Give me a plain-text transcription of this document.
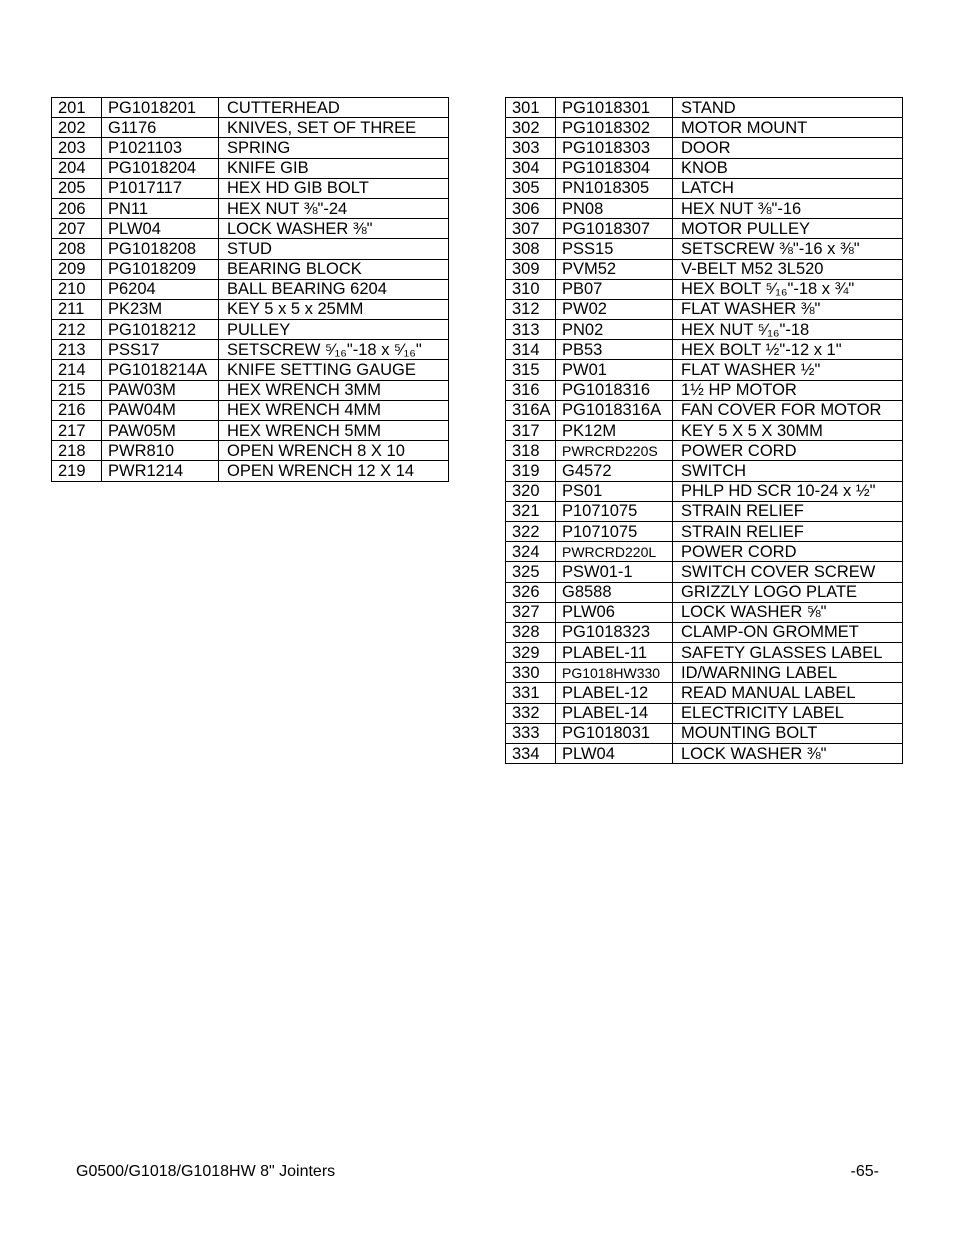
201	PG1018201	CUTTERHEAD
202	G1176	KNIVES, SET OF THREE
203	P1021103	SPRING
204	PG1018204	KNIFE GIB
205	P1017117	HEX HD GIB BOLT
206	PN11	HEX NUT ⅜"-24
207	PLW04	LOCK WASHER ⅜"
208	PG1018208	STUD
209	PG1018209	BEARING BLOCK
210	P6204	BALL BEARING 6204
211	PK23M	KEY 5 x 5 x 25MM
212	PG1018212	PULLEY
213	PSS17	SETSCREW ⁵⁄₁₆"-18 x ⁵⁄₁₆"
214	PG1018214A	KNIFE SETTING GAUGE
215	PAW03M	HEX WRENCH 3MM
216	PAW04M	HEX WRENCH 4MM
217	PAW05M	HEX WRENCH 5MM
218	PWR810	OPEN WRENCH 8 X 10
219	PWR1214	OPEN WRENCH 12 X 14
301	PG1018301	STAND
302	PG1018302	MOTOR MOUNT
303	PG1018303	DOOR
304	PG1018304	KNOB
305	PN1018305	LATCH
306	PN08	HEX NUT ⅜"-16
307	PG1018307	MOTOR PULLEY
308	PSS15	SETSCREW ⅜"-16 x ⅜"
309	PVM52	V-BELT M52 3L520
310	PB07	HEX BOLT ⁵⁄₁₆"-18 x ¾"
312	PW02	FLAT WASHER ⅜"
313	PN02	HEX NUT ⁵⁄₁₆"-18
314	PB53	HEX BOLT ½"-12 x 1"
315	PW01	FLAT WASHER ½"
316	PG1018316	1½ HP MOTOR
316A	PG1018316A	FAN COVER FOR MOTOR
317	PK12M	KEY 5 X 5 X 30MM
318	PWRCRD220S	POWER CORD
319	G4572	SWITCH
320	PS01	PHLP HD SCR 10-24 x ½"
321	P1071075	STRAIN RELIEF
322	P1071075	STRAIN RELIEF
324	PWRCRD220L	POWER CORD
325	PSW01-1	SWITCH COVER SCREW
326	G8588	GRIZZLY LOGO PLATE
327	PLW06	LOCK WASHER ⅝"
328	PG1018323	CLAMP-ON GROMMET
329	PLABEL-11	SAFETY GLASSES LABEL
330	PG1018HW330	ID/WARNING LABEL
331	PLABEL-12	READ MANUAL LABEL
332	PLABEL-14	ELECTRICITY LABEL
333	PG1018031	MOUNTING BOLT
334	PLW04	LOCK WASHER ⅜"
G0500/G1018/G1018HW 8" Jointers	-65-
